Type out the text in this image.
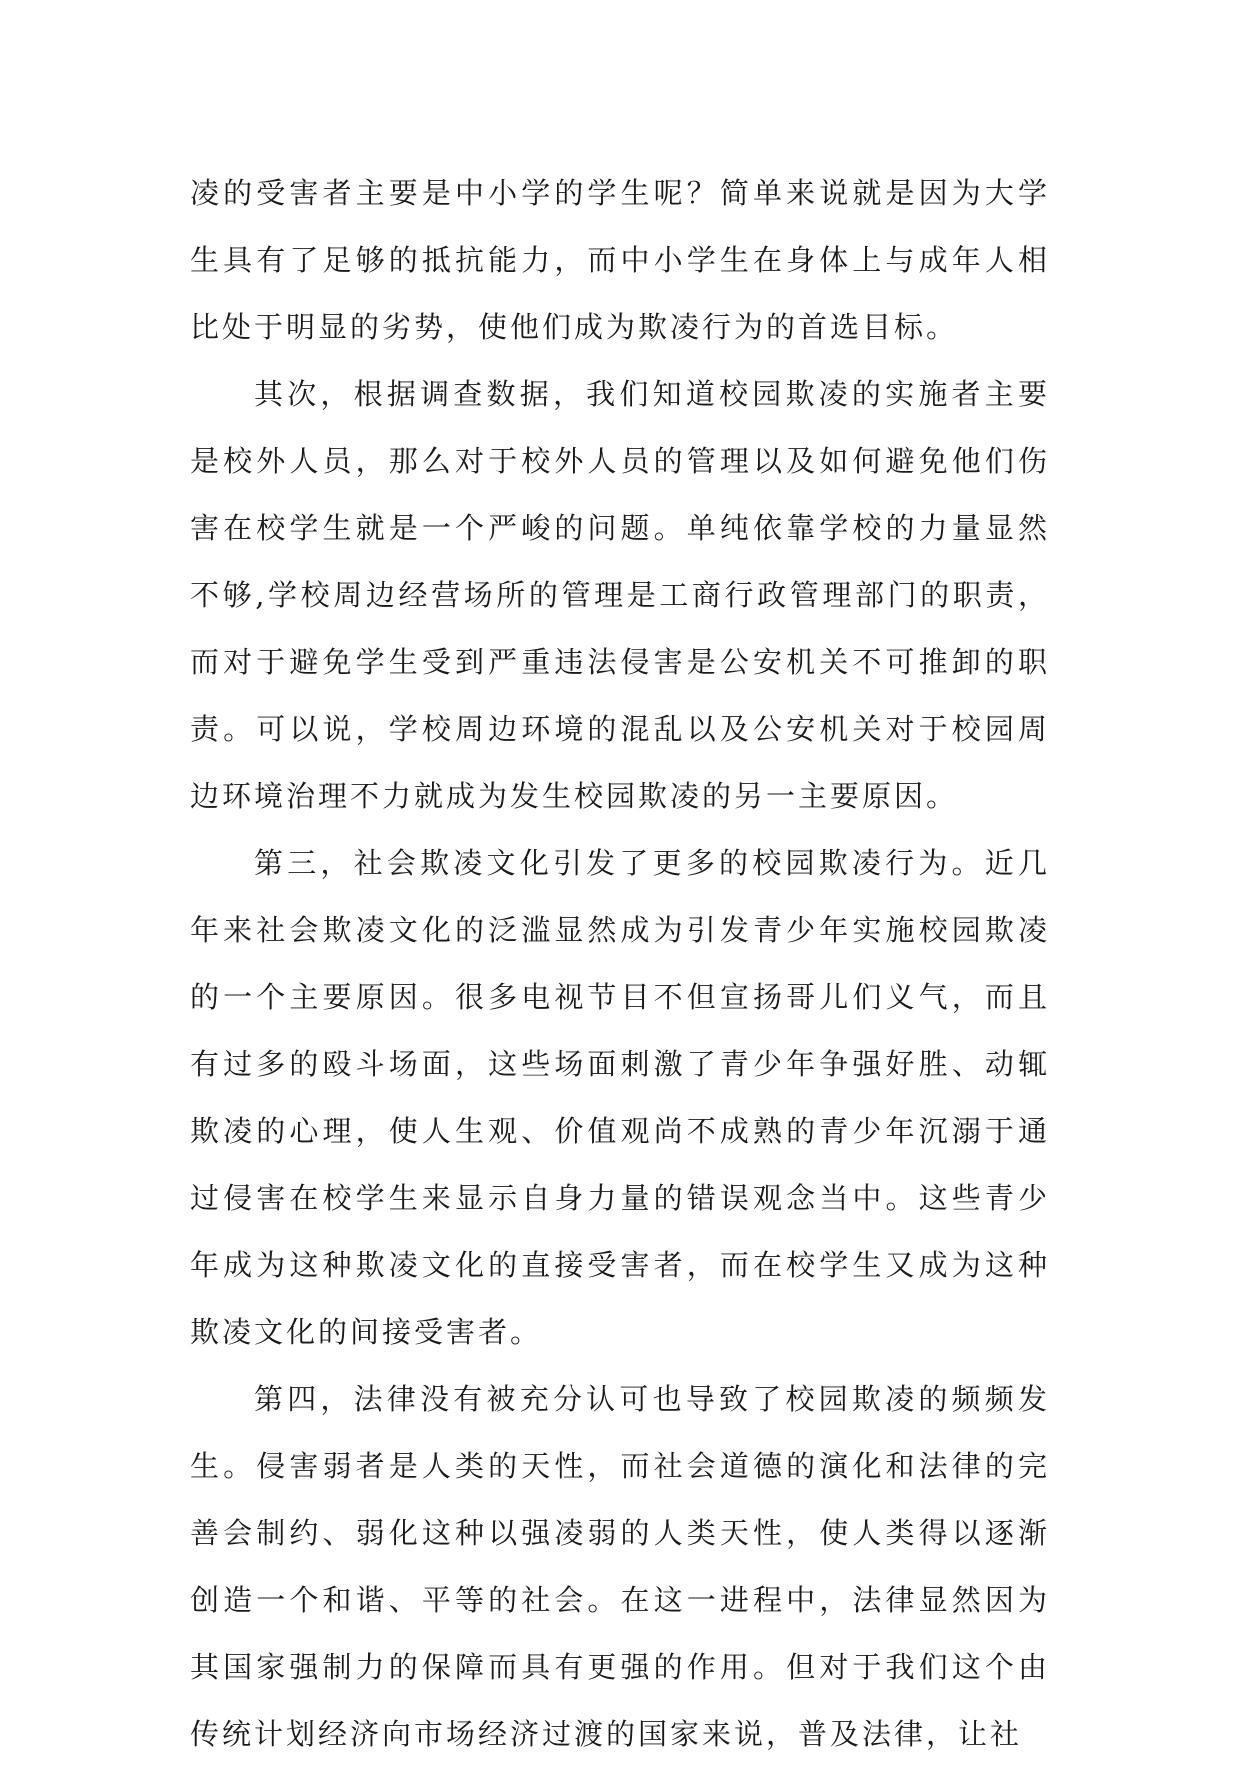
凌的受害者主要是中小学的学生呢？简单来说就是因为大学生具有了足够的抵抗能力，而中小学生在身体上与成年人相比处于明显的劣势，使他们成为欺凌行为的首选目标。

其次，根据调查数据，我们知道校园欺凌的实施者主要是校外人员，那么对于校外人员的管理以及如何避免他们伤害在校学生就是一个严峻的问题。单纯依靠学校的力量显然不够,学校周边经营场所的管理是工商行政管理部门的职责，而对于避免学生受到严重违法侵害是公安机关不可推卸的职责。可以说，学校周边环境的混乱以及公安机关对于校园周边环境治理不力就成为发生校园欺凌的另一主要原因。

第三，社会欺凌文化引发了更多的校园欺凌行为。近几年来社会欺凌文化的泛滥显然成为引发青少年实施校园欺凌的一个主要原因。很多电视节目不但宣扬哥儿们义气，而且有过多的殴斗场面，这些场面刺激了青少年争强好胜、动辄欺凌的心理，使人生观、价值观尚不成熟的青少年沉溺于通过侵害在校学生来显示自身力量的错误观念当中。这些青少年成为这种欺凌文化的直接受害者，而在校学生又成为这种欺凌文化的间接受害者。

第四，法律没有被充分认可也导致了校园欺凌的频频发生。侵害弱者是人类的天性，而社会道德的演化和法律的完善会制约、弱化这种以强凌弱的人类天性，使人类得以逐渐创造一个和谐、平等的社会。在这一进程中，法律显然因为其国家强制力的保障而具有更强的作用。但对于我们这个由传统计划经济向市场经济过渡的国家来说，普及法律，让社
